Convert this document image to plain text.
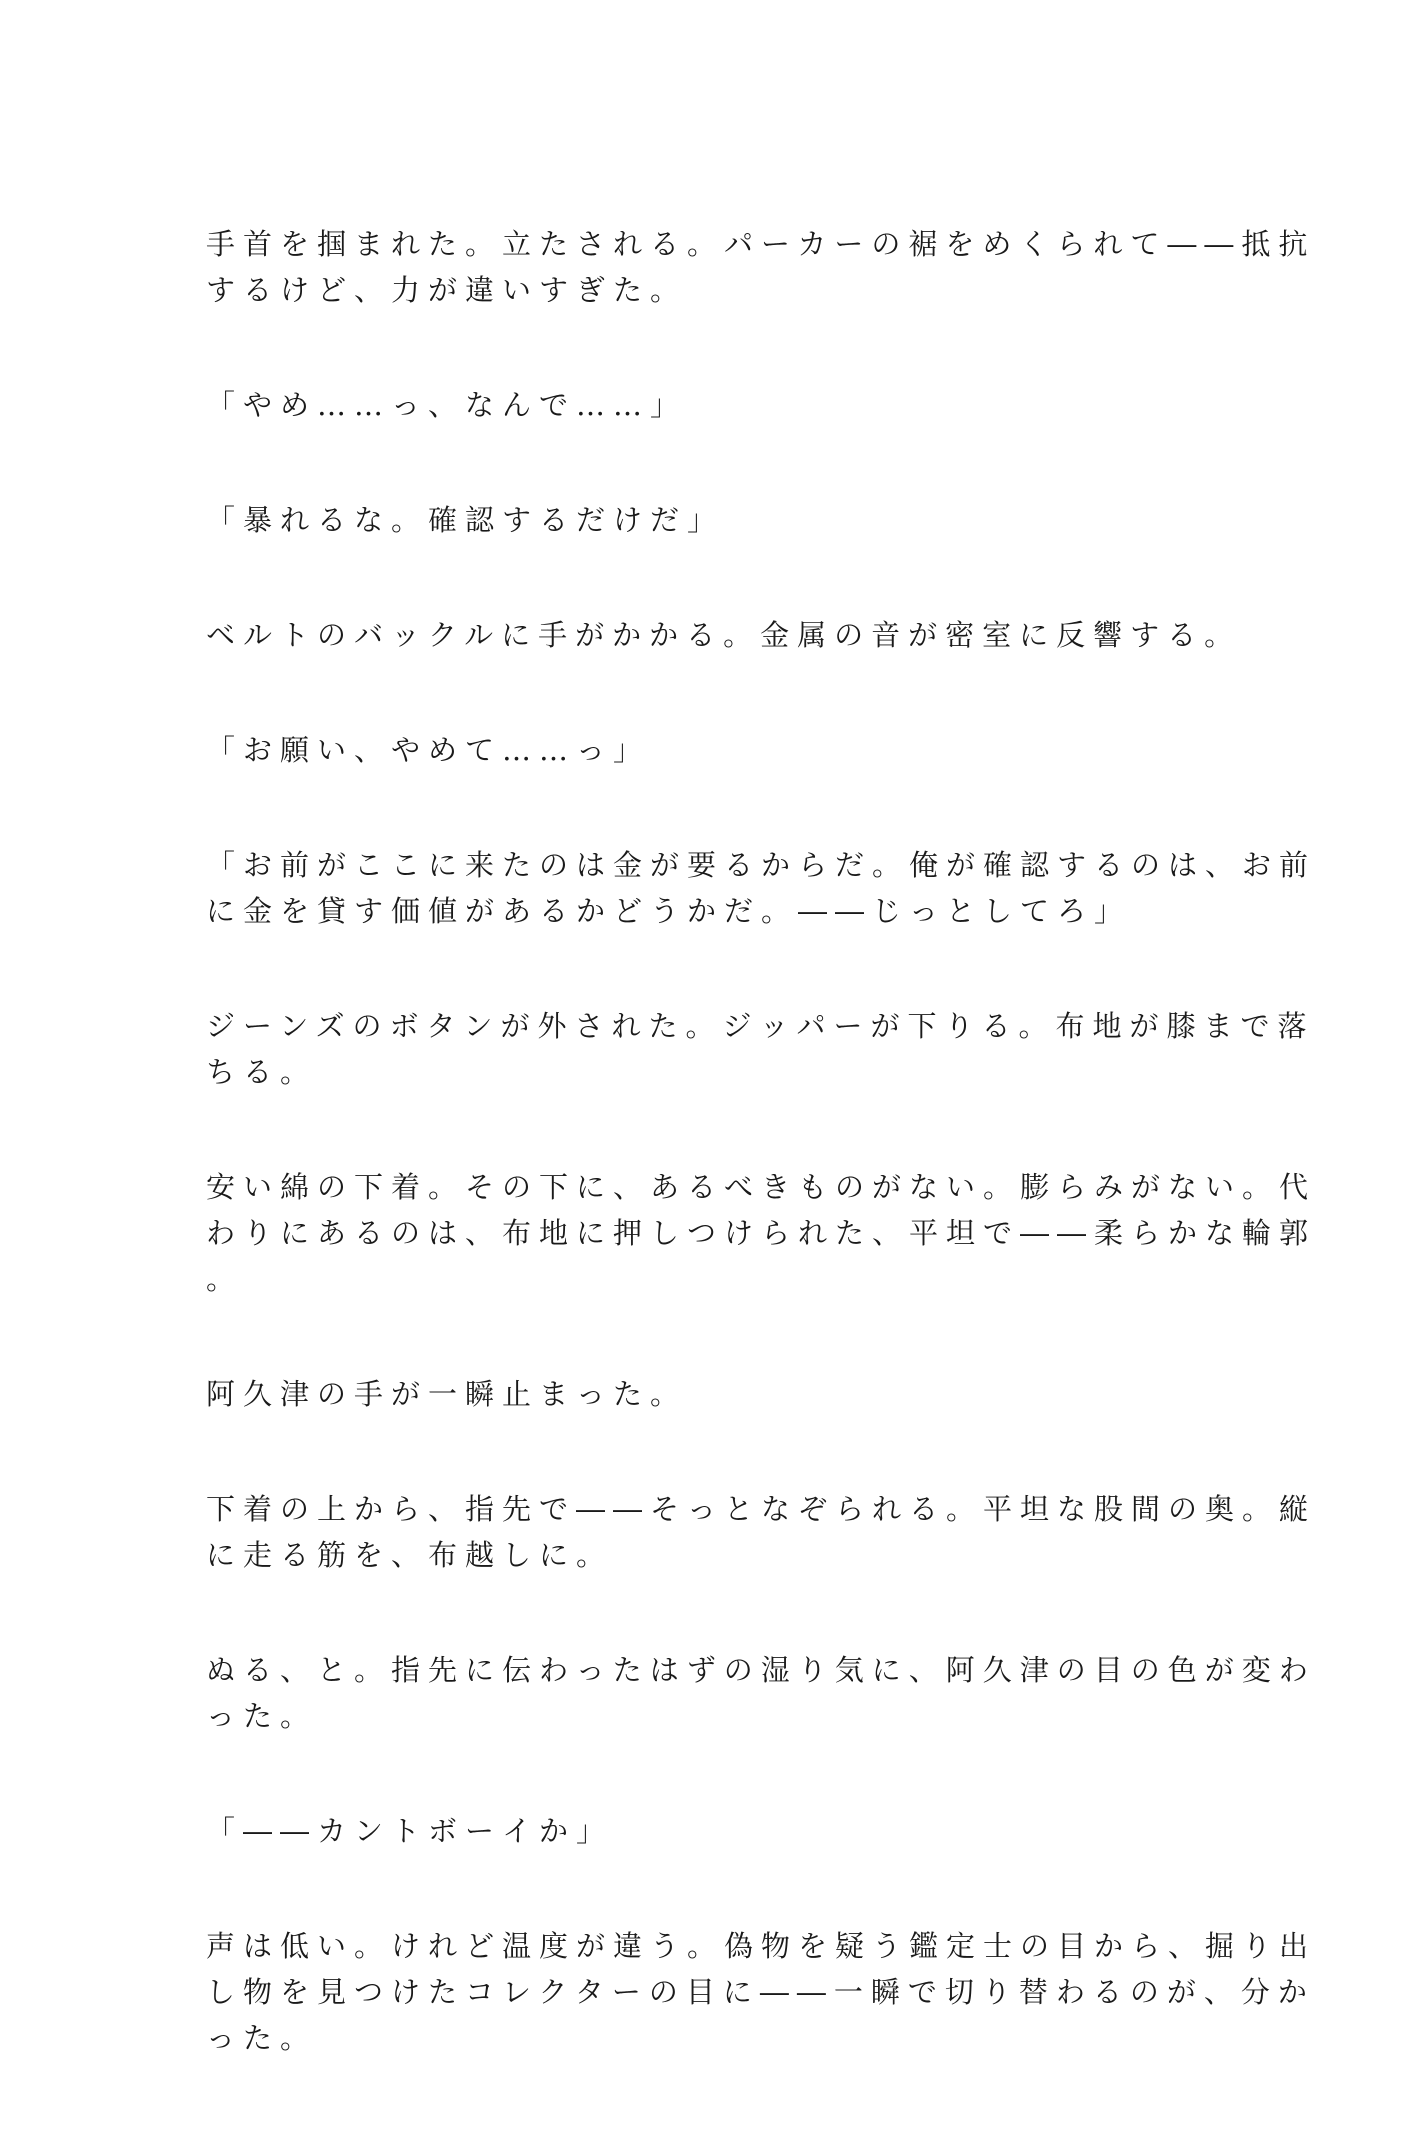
手首を掴まれた。立たされる。パーカーの裾をめくられて――抵抗
するけど、力が違いすぎた。

「やめ……っ、なんで……」

「暴れるな。確認するだけだ」

ベルトのバックルに手がかかる。金属の音が密室に反響する。

「お願い、やめて……っ」

「お前がここに来たのは金が要るからだ。俺が確認するのは、お前
に金を貸す価値があるかどうかだ。――じっとしてろ」

ジーンズのボタンが外された。ジッパーが下りる。布地が膝まで落
ちる。

安い綿の下着。その下に、あるべきものがない。膨らみがない。代
わりにあるのは、布地に押しつけられた、平坦で――柔らかな輪郭
。

阿久津の手が一瞬止まった。

下着の上から、指先で――そっとなぞられる。平坦な股間の奥。縦
に走る筋を、布越しに。

ぬる、と。指先に伝わったはずの湿り気に、阿久津の目の色が変わ
った。

「――カントボーイか」

声は低い。けれど温度が違う。偽物を疑う鑑定士の目から、掘り出
し物を見つけたコレクターの目に――一瞬で切り替わるのが、分か
った。
